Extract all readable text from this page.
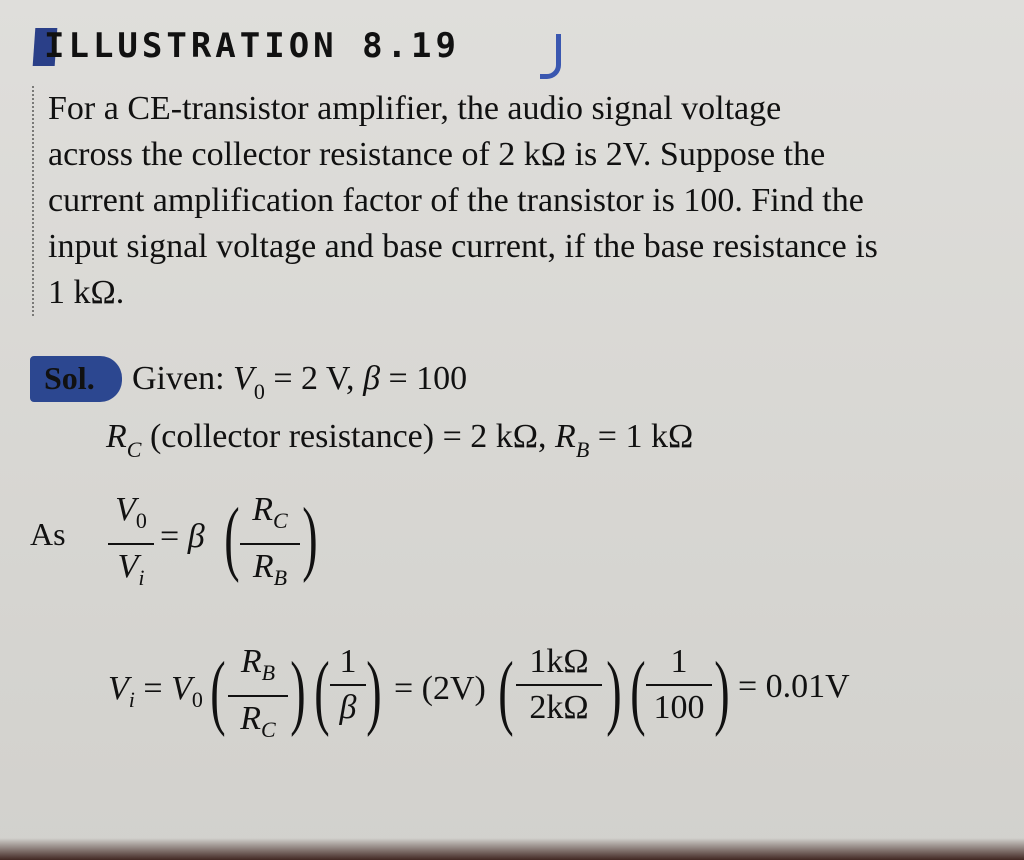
ILLUSTRATION 8.19
For a CE-transistor amplifier, the audio signal voltage
across the collector resistance of 2 kΩ is 2V. Suppose the
current amplification factor of the transistor is 100. Find the
input signal voltage and base current, if the base resistance is
1 kΩ.
Sol. Given: $V_0 = 2$ V, β = 100
$R_C$ (collector resistance) = 2 kΩ, $R_B = 1$ kΩ
As
$V_0$
$V_i$
= β ( $R_C$
$R_B$ )
$V_i = V_0$ ( $R_B$
$R_C$ ) ( 1
β ) = (2V) ( 1kΩ
2kΩ ) ( 1
100 ) = 0.01V
